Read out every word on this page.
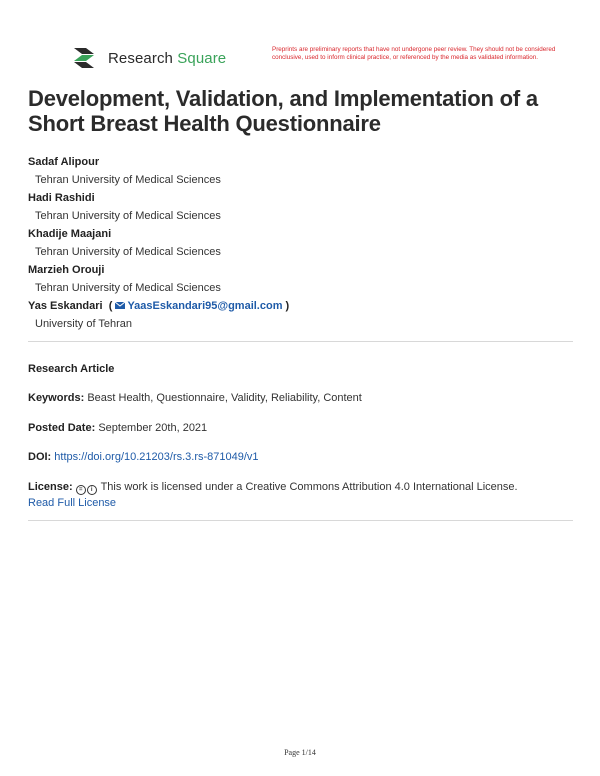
Research Square	Preprints are preliminary reports that have not undergone peer review. They should not be considered conclusive, used to inform clinical practice, or referenced by the media as validated information.
Development, Validation, and Implementation of a Short Breast Health Questionnaire
Sadaf Alipour
Tehran University of Medical Sciences
Hadi Rashidi
Tehran University of Medical Sciences
Khadije Maajani
Tehran University of Medical Sciences
Marzieh Orouji
Tehran University of Medical Sciences
Yas Eskandari  ( YaasEskandari95@gmail.com )
University of Tehran
Research Article
Keywords: Beast Health, Questionnaire, Validity, Reliability, Content
Posted Date: September 20th, 2021
DOI: https://doi.org/10.21203/rs.3.rs-871049/v1
License: = i This work is licensed under a Creative Commons Attribution 4.0 International License.
Read Full License
Page 1/14
